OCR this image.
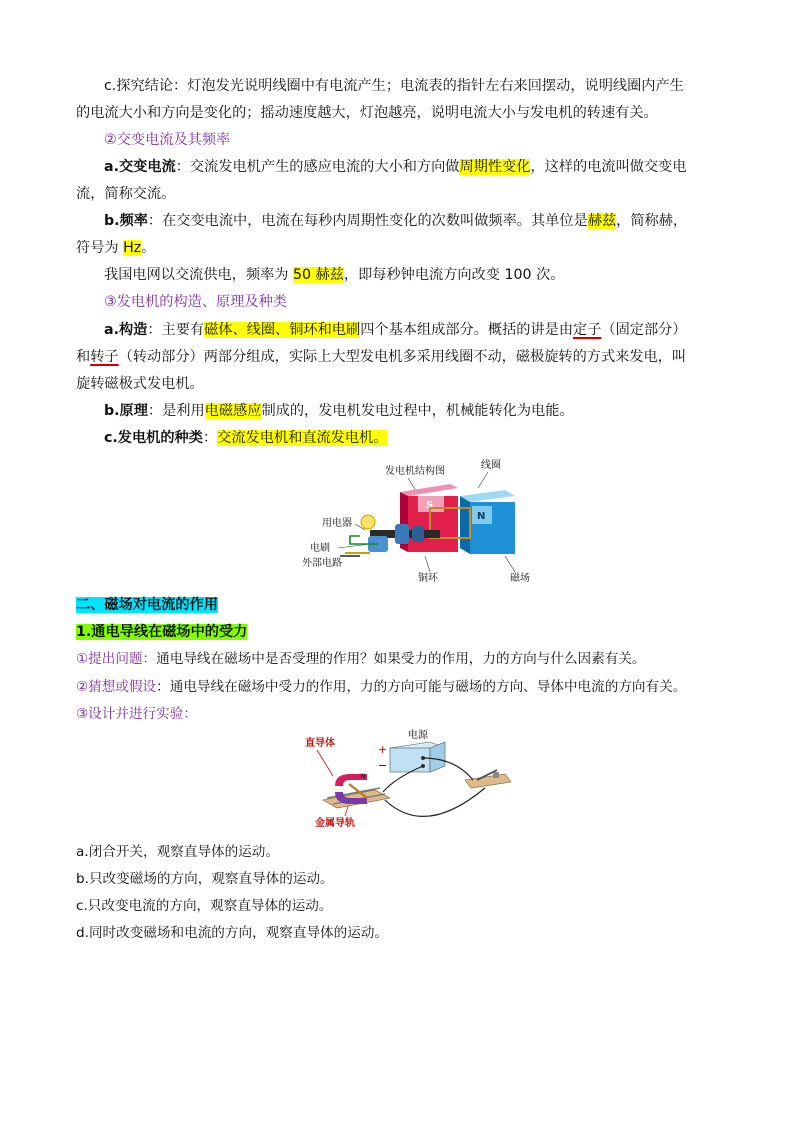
c.探究结论：灯泡发光说明线圈中有电流产生；电流表的指针左右来回摆动，说明线圈内产生
的电流大小和方向是变化的；摇动速度越大，灯泡越亮，说明电流大小与发电机的转速有关。
②交变电流及其频率
a.交变电流：交流发电机产生的感应电流的大小和方向做周期性变化，这样的电流叫做交变电
流，简称交流。
b.频率：在交变电流中，电流在每秒内周期性变化的次数叫做频率。其单位是赫兹，简称赫，
符号为 Hz。
我国电网以交流供电，频率为 50 赫兹，即每秒钟电流方向改变 100 次。
③发电机的构造、原理及种类
a.构造：主要有磁体、线圈、铜环和电刷四个基本组成部分。概括的讲是由定子（固定部分）
和转子（转动部分）两部分组成，实际上大型发电机多采用线圈不动，磁极旋转的方式来发电，叫
旋转磁极式发电机。
b.原理：是利用电磁感应制成的，发电机发电过程中，机械能转化为电能。
c.发电机的种类：交流发电机和直流发电机。
发电机结构图
线圈
用电器
电刷
外部电路
铜环	磁场
S
N
二、磁场对电流的作用
1.通电导线在磁场中的受力
①提出问题：通电导线在磁场中是否受理的作用？如果受力的作用，力的方向与什么因素有关。
②猜想或假设：通电导线在磁场中受力的作用，力的方向可能与磁场的方向、导体中电流的方向有关。
③设计并进行实验：
直导体
电源
金属导轨
+
−
N
a.闭合开关，观察直导体的运动。
b.只改变磁场的方向，观察直导体的运动。
c.只改变电流的方向，观察直导体的运动。
d.同时改变磁场和电流的方向，观察直导体的运动。
